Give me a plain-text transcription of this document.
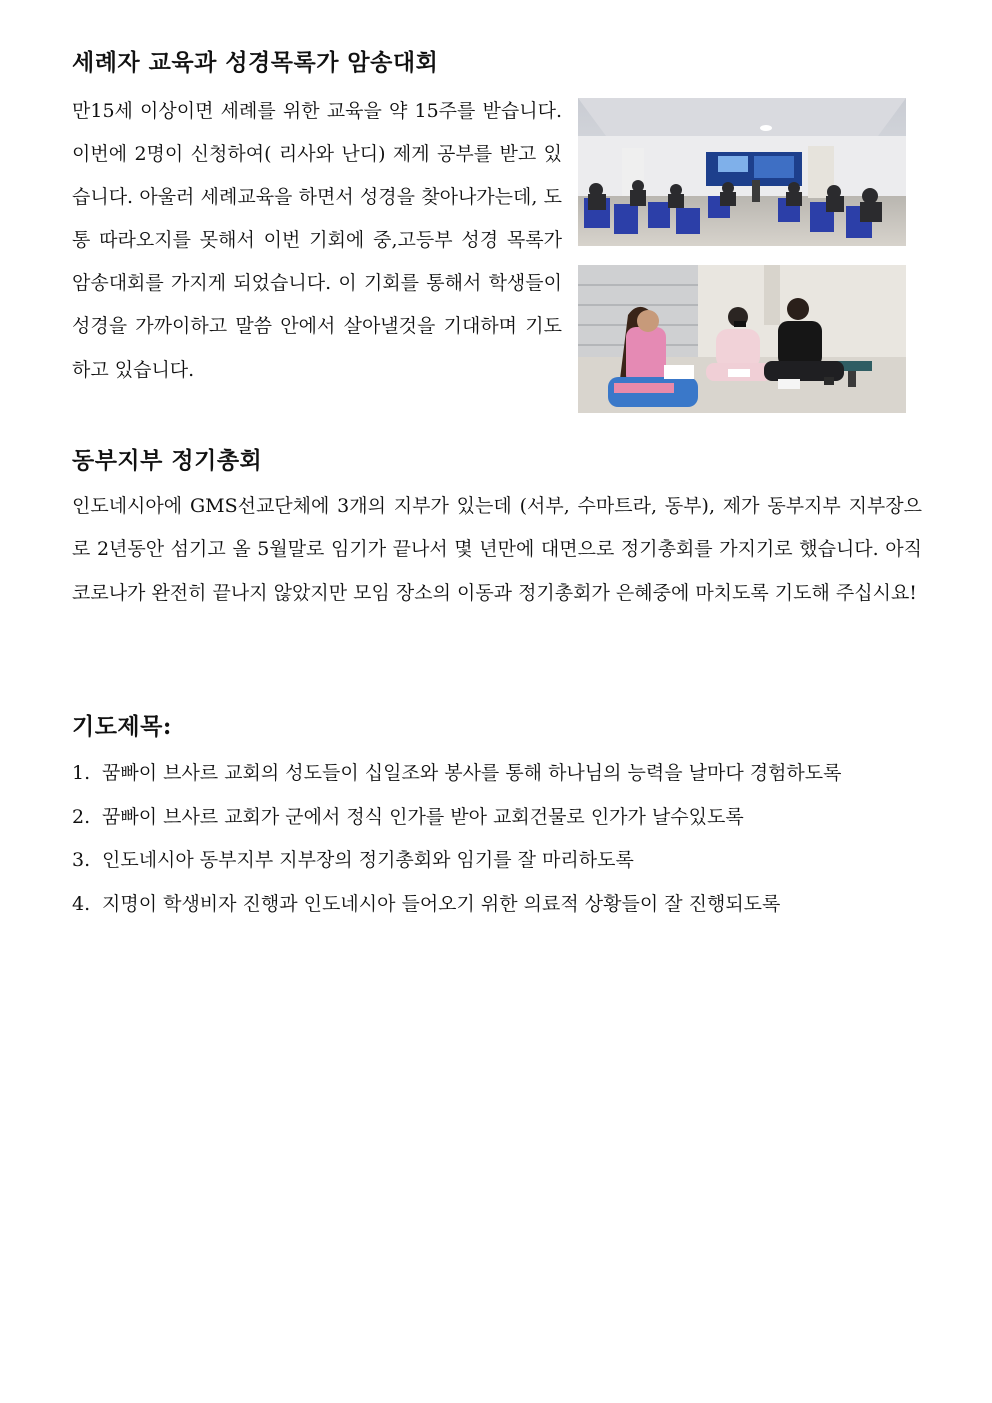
세례자 교육과 성경목록가 암송대회

만15세 이상이면 세례를 위한 교육을 약 15주를 받습니다. 이번에 2명이 신청하여( 리사와 난디) 제게 공부를 받고 있습니다. 아울러 세례교육을 하면서 성경을 찾아나가는데, 도통 따라오지를 못해서 이번 기회에 중,고등부 성경 목록가 암송대회를 가지게 되었습니다. 이 기회를 통해서 학생들이 성경을 가까이하고 말씀 안에서 살아낼것을 기대하며 기도하고 있습니다.

동부지부 정기총회

인도네시아에 GMS선교단체에 3개의 지부가 있는데 (서부, 수마트라, 동부), 제가 동부지부 지부장으로 2년동안 섬기고 올 5월말로 임기가 끝나서 몇 년만에 대면으로 정기총회를 가지기로 했습니다. 아직 코로나가 완전히 끝나지 않았지만 모임 장소의 이동과 정기총회가 은혜중에 마치도록 기도해 주십시요!

기도제목:
1. 꿈빠이 브사르 교회의 성도들이 십일조와 봉사를 통해 하나님의 능력을 날마다 경험하도록
2. 꿈빠이 브사르 교회가 군에서 정식 인가를 받아 교회건물로 인가가 날수있도록
3. 인도네시아 동부지부 지부장의 정기총회와 임기를 잘 마리하도록
4. 지명이 학생비자 진행과 인도네시아 들어오기 위한 의료적 상황들이 잘 진행되도록
